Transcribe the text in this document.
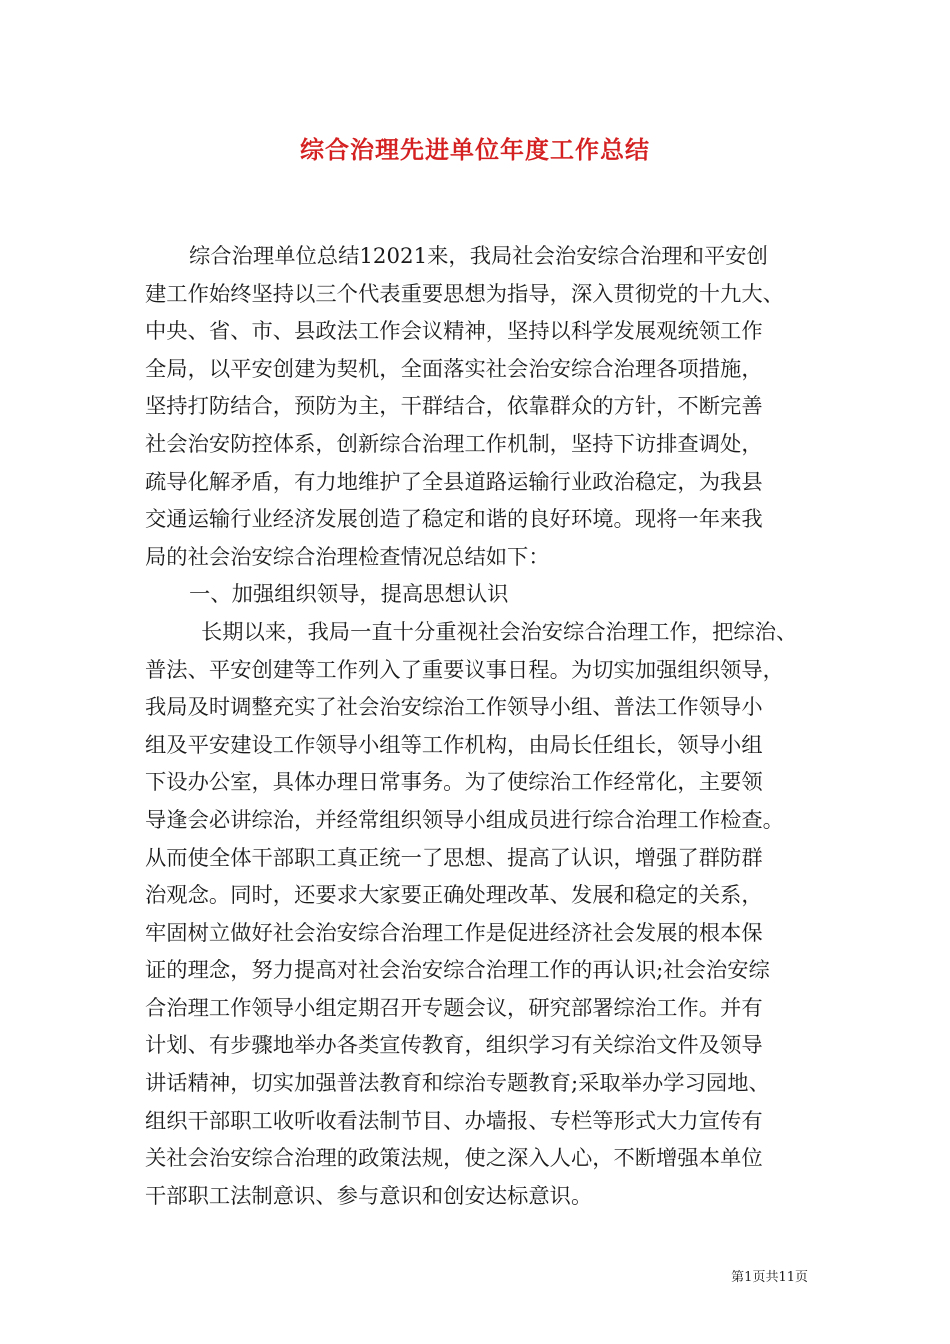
综合治理先进单位年度工作总结
综合治理单位总结12021来，我局社会治安综合治理和平安创
建工作始终坚持以三个代表重要思想为指导，深入贯彻党的十九大、
中央、省、市、县政法工作会议精神，坚持以科学发展观统领工作
全局，以平安创建为契机，全面落实社会治安综合治理各项措施，
坚持打防结合，预防为主，干群结合，依靠群众的方针，不断完善
社会治安防控体系，创新综合治理工作机制，坚持下访排查调处，
疏导化解矛盾，有力地维护了全县道路运输行业政治稳定，为我县
交通运输行业经济发展创造了稳定和谐的良好环境。现将一年来我
局的社会治安综合治理检查情况总结如下：
一、加强组织领导，提高思想认识
长期以来，我局一直十分重视社会治安综合治理工作，把综治、
普法、平安创建等工作列入了重要议事日程。为切实加强组织领导，
我局及时调整充实了社会治安综治工作领导小组、普法工作领导小
组及平安建设工作领导小组等工作机构，由局长任组长，领导小组
下设办公室，具体办理日常事务。为了使综治工作经常化，主要领
导逢会必讲综治，并经常组织领导小组成员进行综合治理工作检查。
从而使全体干部职工真正统一了思想、提高了认识，增强了群防群
治观念。同时，还要求大家要正确处理改革、发展和稳定的关系，
牢固树立做好社会治安综合治理工作是促进经济社会发展的根本保
证的理念，努力提高对社会治安综合治理工作的再认识;社会治安综
合治理工作领导小组定期召开专题会议，研究部署综治工作。并有
计划、有步骤地举办各类宣传教育，组织学习有关综治文件及领导
讲话精神，切实加强普法教育和综治专题教育;采取举办学习园地、
组织干部职工收听收看法制节目、办墙报、专栏等形式大力宣传有
关社会治安综合治理的政策法规，使之深入人心，不断增强本单位
干部职工法制意识、参与意识和创安达标意识。
第1页共11页
